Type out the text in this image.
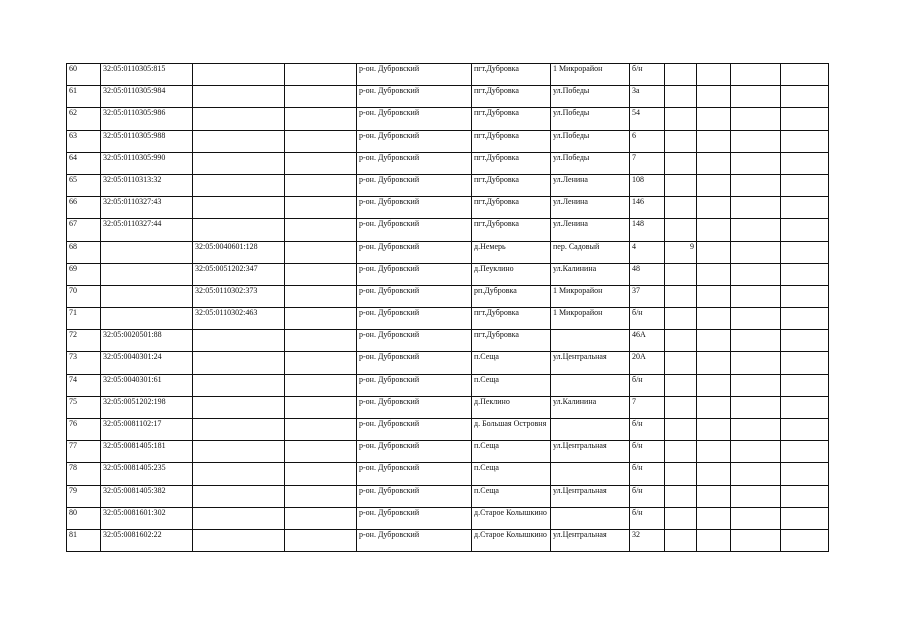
60	32:05:0110305:815			р-он. Дубровский	пгт.Дубровка	1 Микрорайон	б/н				
61	32:05:0110305:984			р-он. Дубровский	пгт.Дубровка	ул.Победы	3а				
62	32:05:0110305:986			р-он. Дубровский	пгт.Дубровка	ул.Победы	54				
63	32:05:0110305:988			р-он. Дубровский	пгт.Дубровка	ул.Победы	6				
64	32:05:0110305:990			р-он. Дубровский	пгт.Дубровка	ул.Победы	7				
65	32:05:0110313:32			р-он. Дубровский	пгт.Дубровка	ул.Ленина	108				
66	32:05:0110327:43			р-он. Дубровский	пгт.Дубровка	ул.Ленина	146				
67	32:05:0110327:44			р-он. Дубровский	пгт.Дубровка	ул.Ленина	148				
68		32:05:0040601:128		р-он. Дубровский	д.Немерь	пер. Садовый	4	9			
69		32:05:0051202:347		р-он. Дубровский	д.Пеуклино	ул.Калинина	48				
70		32:05:0110302:373		р-он. Дубровский	рп.Дубровка	1 Микрорайон	37				
71		32:05:0110302:463		р-он. Дубровский	пгт.Дубровка	1 Микрорайон	б/н				
72	32:05:0020501:88			р-он. Дубровский	пгт.Дубровка		46А				
73	32:05:0040301:24			р-он. Дубровский	п.Сеща	ул.Центральная	20А				
74	32:05:0040301:61			р-он. Дубровский	п.Сеща		б/н				
75	32:05:0051202:198			р-он. Дубровский	д.Пеклино	ул.Калинина	7				
76	32:05:0081102:17			р-он. Дубровский	д. Большая Островня		б/н				
77	32:05:0081405:181			р-он. Дубровский	п.Сеща	ул.Центральная	б/н				
78	32:05:0081405:235			р-он. Дубровский	п.Сеща		б/н				
79	32:05:0081405:382			р-он. Дубровский	п.Сеща	ул.Центральная	б/н				
80	32:05:0081601:302			р-он. Дубровский	д.Старое Колышкино		б/н				
81	32:05:0081602:22			р-он. Дубровский	д.Старое Колышкино	ул.Центральная	32				
